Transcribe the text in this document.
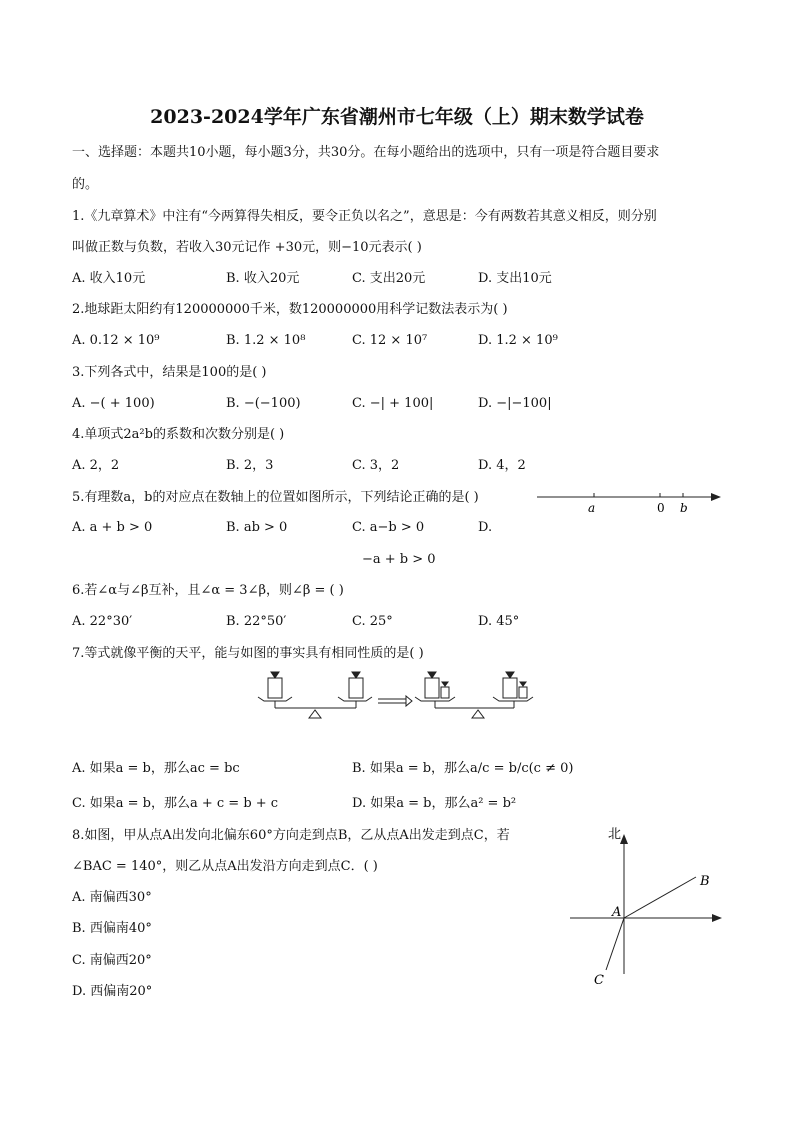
2023-2024学年广东省潮州市七年级（上）期末数学试卷
一、选择题：本题共10小题，每小题3分，共30分。在每小题给出的选项中，只有一项是符合题目要求
的。
1.《九章算术》中注有“今两算得失相反，要令正负以名之”，意思是：今有两数若其意义相反，则分别
叫做正数与负数，若收入30元记作 +30元，则−10元表示( )
A. 收入10元	B. 收入20元	C. 支出20元	D. 支出10元
2.地球距太阳约有120000000千米，数120000000用科学记数法表示为( )
A. 0.12 × 10⁹	B. 1.2 × 10⁸	C. 12 × 10⁷	D. 1.2 × 10⁹
3.下列各式中，结果是100的是( )
A. −( + 100)	B. −(−100)	C. −| + 100|	D. −|−100|
4.单项式2a²b的系数和次数分别是( )
A. 2，2	B. 2，3	C. 3，2	D. 4，2
5.有理数a，b的对应点在数轴上的位置如图所示，下列结论正确的是( )
a	0 b
A. a + b > 0	B. ab > 0	C. a−b > 0	D.
−a + b > 0
6.若∠α与∠β互补，且∠α = 3∠β，则∠β = ( )
A. 22°30′	B. 22°50′	C. 25°	D. 45°
7.等式就像平衡的天平，能与如图的事实具有相同性质的是( )
A. 如果a = b，那么ac = bc	B. 如果a = b，那么a/c = b/c(c ≠ 0)
C. 如果a = b，那么a + c = b + c	D. 如果a = b，那么a² = b²
8.如图，甲从点A出发向北偏东60°方向走到点B，乙从点A出发走到点C，若
∠BAC = 140°，则乙从点A出发沿方向走到点C．( )
A. 南偏西30°
B. 西偏南40°
C. 南偏西20°
D. 西偏南20°
北
A
B
C
